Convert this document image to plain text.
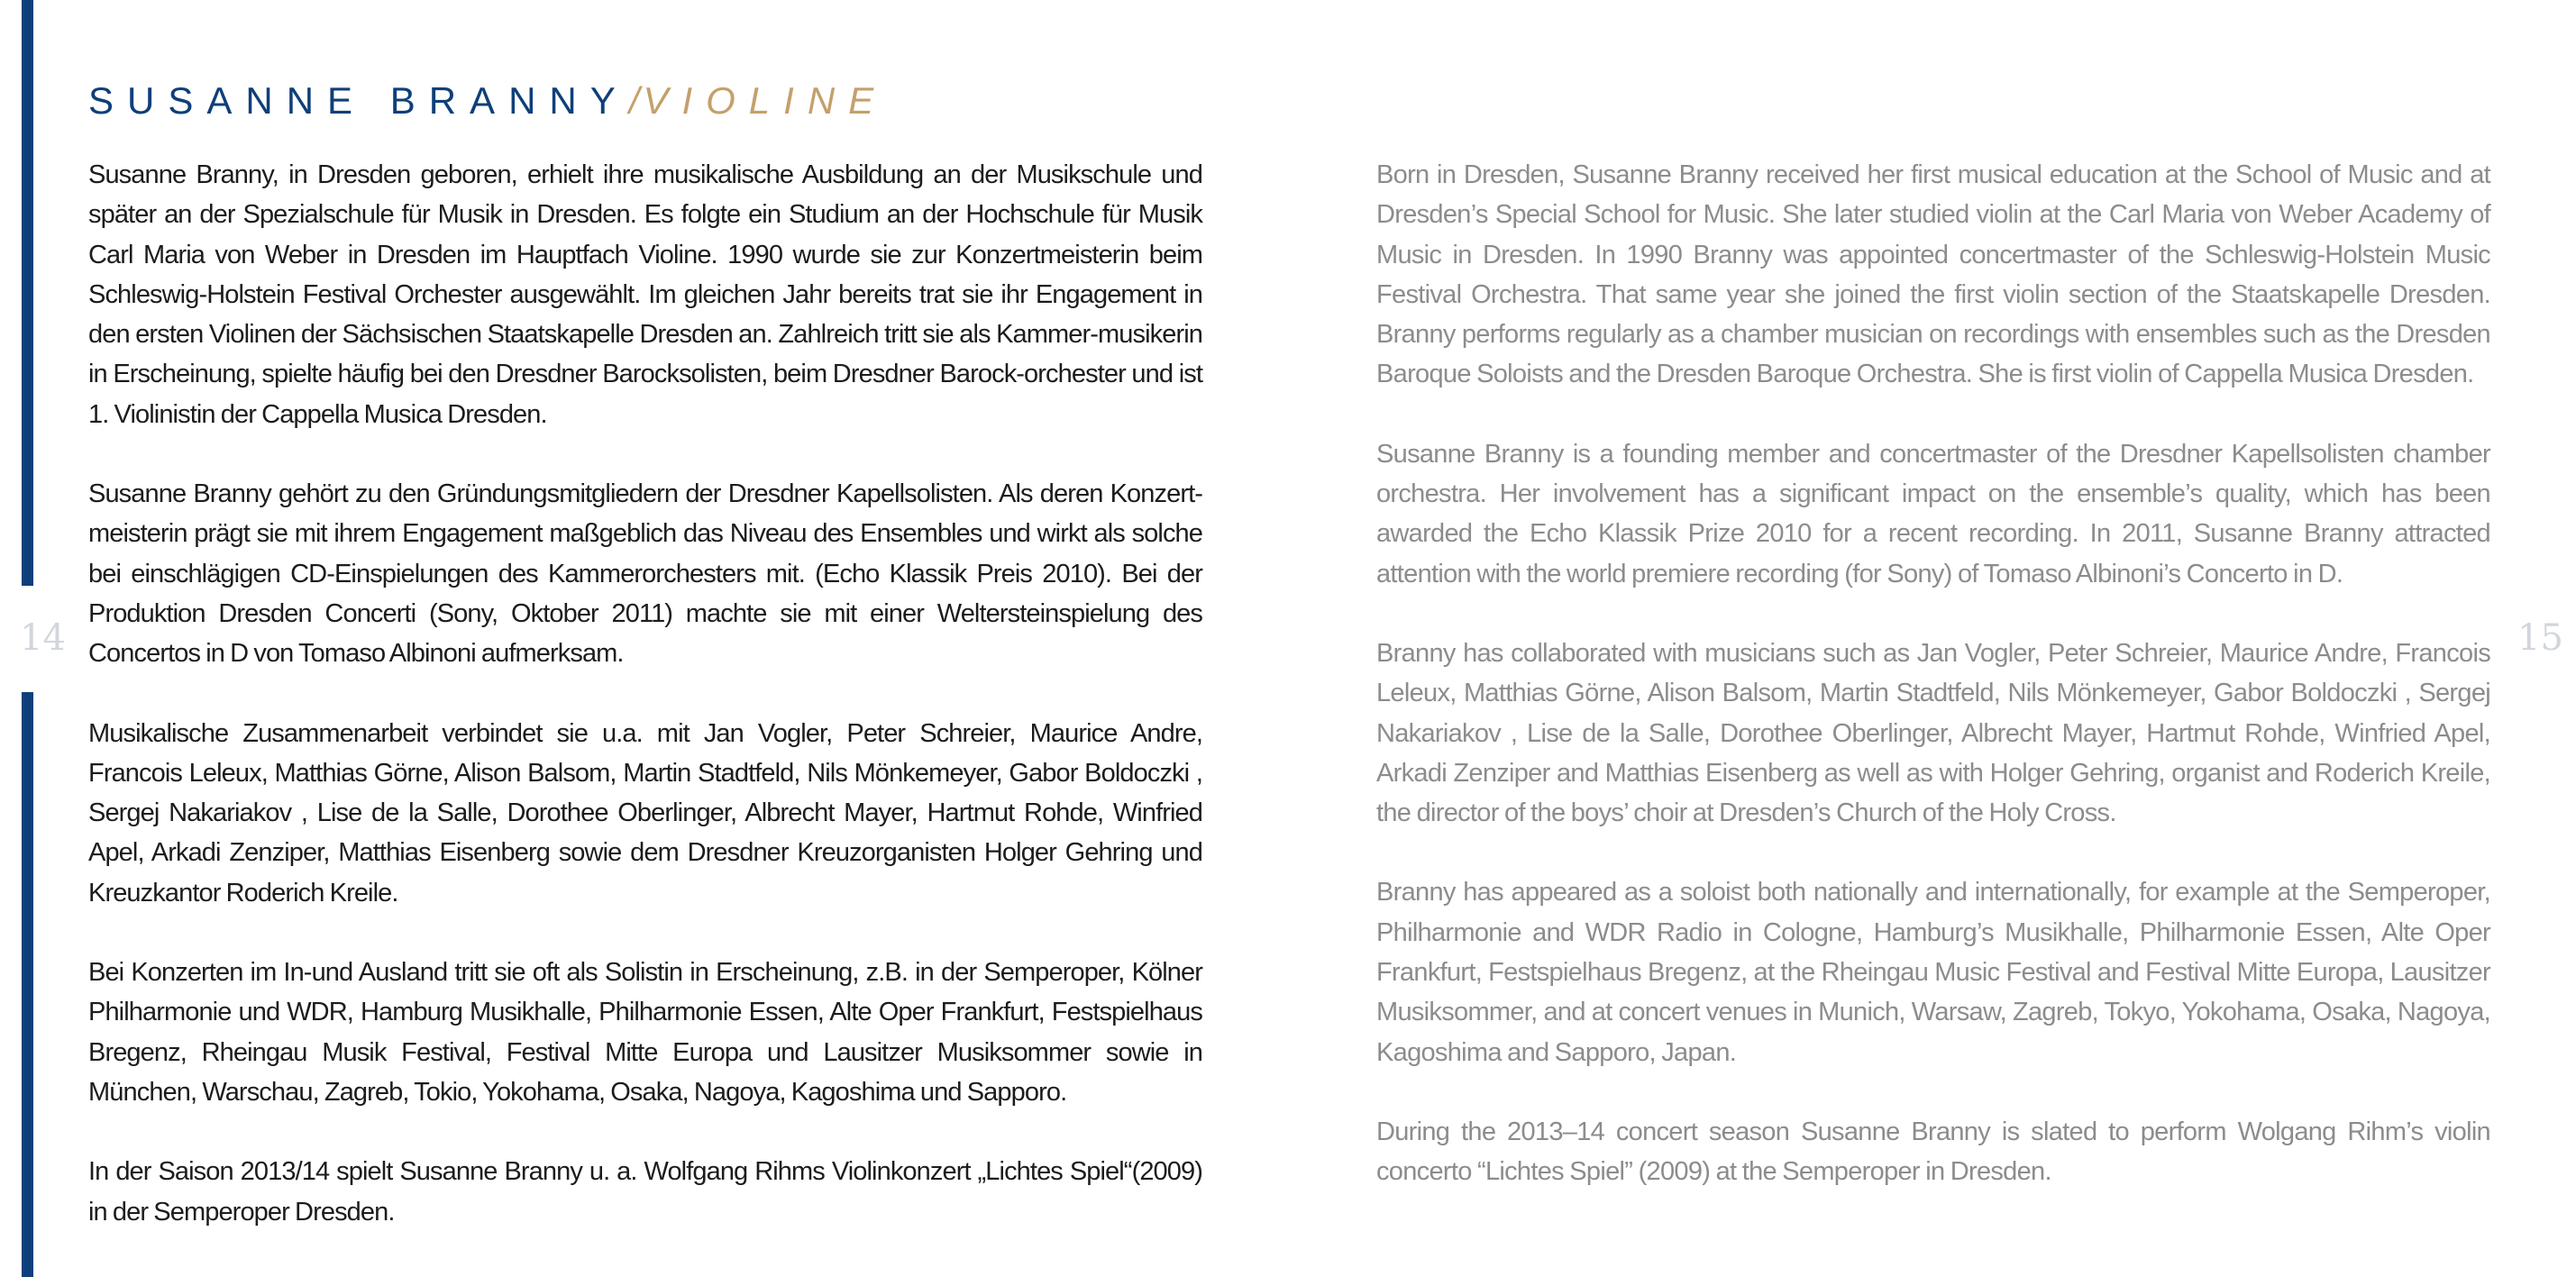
14	15
SUSANNE BRANNY/VIOLINE

Susanne Branny, in Dresden geboren, erhielt ihre musikalische Ausbildung an der Musikschule und später an der Spezialschule für Musik in Dresden. Es folgte ein Studium an der Hochschule für Musik Carl Maria von Weber in Dresden im Hauptfach Violine. 1990 wurde sie zur Konzertmeisterin beim Schleswig-Holstein Festival Orchester ausgewählt. Im gleichen Jahr bereits trat sie ihr Engagement in den ersten Violinen der Sächsischen Staatskapelle Dresden an. Zahlreich tritt sie als Kammer-musikerin in Erscheinung, spielte häufig bei den Dresdner Barocksolisten, beim Dresdner Barock-orchester und ist 1. Violinistin der Cappella Musica Dresden.

Susanne Branny gehört zu den Gründungsmitgliedern der Dresdner Kapellsolisten. Als deren Konzert-meisterin prägt sie mit ihrem Engagement maßgeblich das Niveau des Ensembles und wirkt als solche bei einschlägigen CD-Einspielungen des Kammerorchesters mit. (Echo Klassik Preis 2010). Bei der Produktion Dresden Concerti (Sony, Oktober 2011) machte sie mit einer Weltersteinspielung des Concertos in D von Tomaso Albinoni aufmerksam.

Musikalische Zusammenarbeit verbindet sie u.a. mit Jan Vogler, Peter Schreier, Maurice Andre, Francois Leleux, Matthias Görne, Alison Balsom, Martin Stadtfeld, Nils Mönkemeyer, Gabor Boldoczki , Sergej Nakariakov , Lise de la Salle, Dorothee Oberlinger, Albrecht Mayer, Hartmut Rohde, Winfried Apel, Arkadi Zenziper, Matthias Eisenberg sowie dem Dresdner Kreuzorganisten Holger Gehring und Kreuzkantor Roderich Kreile.

Bei Konzerten im In-und Ausland tritt sie oft als Solistin in Erscheinung, z.B. in der Semperoper, Kölner Philharmonie und WDR, Hamburg Musikhalle, Philharmonie Essen, Alte Oper Frankfurt, Festspielhaus Bregenz, Rheingau Musik Festival, Festival Mitte Europa und Lausitzer Musiksommer sowie in München, Warschau, Zagreb, Tokio, Yokohama, Osaka, Nagoya, Kagoshima und Sapporo.

In der Saison 2013/14 spielt Susanne Branny u. a. Wolfgang Rihms Violinkonzert „Lichtes Spiel“(2009) in der Semperoper Dresden.

Born in Dresden, Susanne Branny received her first musical education at the School of Music and at Dresden’s Special School for Music. She later studied violin at the Carl Maria von Weber Academy of Music in Dresden. In 1990 Branny was appointed concertmaster of the Schleswig-Holstein Music Festival Orchestra. That same year she joined the first violin section of the Staatskapelle Dresden. Branny performs regularly as a chamber musician on recordings with ensembles such as the Dresden Baroque Soloists and the Dresden Baroque Orchestra. She is first violin of Cappella Musica Dresden.

Susanne Branny is a founding member and concertmaster of the Dresdner Kapellsolisten chamber orchestra. Her involvement has a significant impact on the ensemble’s quality, which has been awarded the Echo Klassik Prize 2010 for a recent recording. In 2011, Susanne Branny attracted attention with the world premiere recording (for Sony) of Tomaso Albinoni’s Concerto in D.

Branny has collaborated with musicians such as Jan Vogler, Peter Schreier, Maurice Andre, Francois Leleux, Matthias Görne, Alison Balsom, Martin Stadtfeld, Nils Mönkemeyer, Gabor Boldoczki , Sergej Nakariakov , Lise de la Salle, Dorothee Oberlinger, Albrecht Mayer, Hartmut Rohde, Winfried Apel, Arkadi Zenziper and Matthias Eisenberg as well as with Holger Gehring, organist and Roderich Kreile, the director of the boys’ choir at Dresden’s Church of the Holy Cross.

Branny has appeared as a soloist both nationally and internationally, for example at the Semperoper, Philharmonie and WDR Radio in Cologne, Hamburg’s Musikhalle, Philharmonie Essen, Alte Oper Frankfurt, Festspielhaus Bregenz, at the Rheingau Music Festival and Festival Mitte Europa, Lausitzer Musiksommer, and at concert venues in Munich, Warsaw, Zagreb, Tokyo, Yokohama, Osaka, Nagoya, Kagoshima and Sapporo, Japan.

During the 2013–14 concert season Susanne Branny is slated to perform Wolgang Rihm’s violin concerto “Lichtes Spiel” (2009) at the Semperoper in Dresden.
